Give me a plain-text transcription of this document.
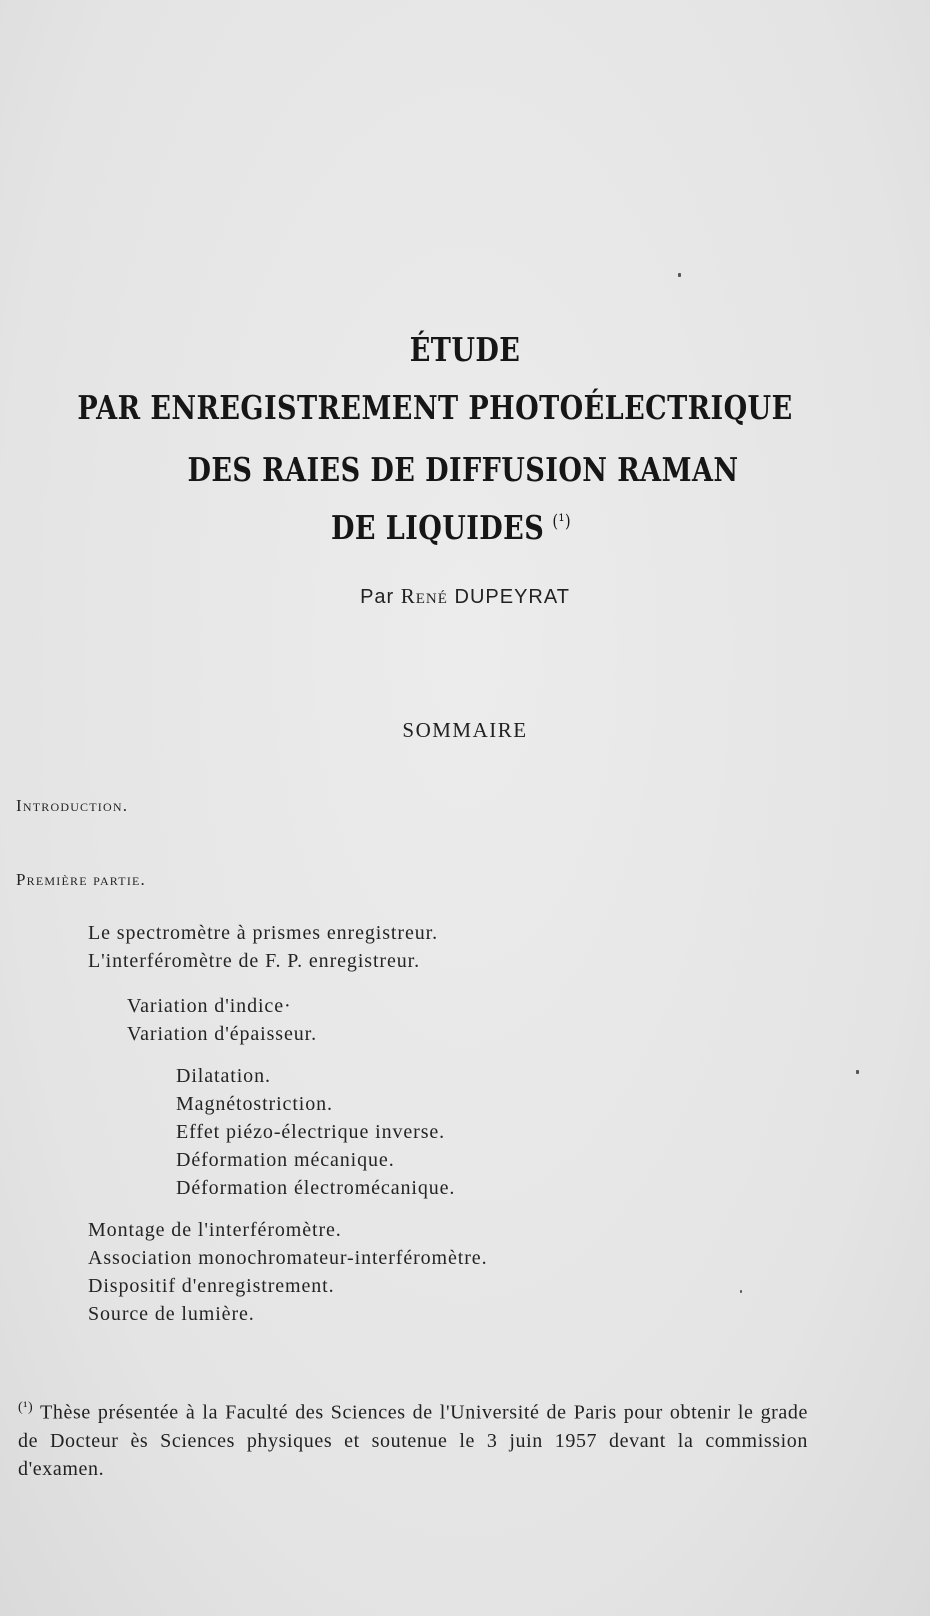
ÉTUDE
PAR ENREGISTREMENT PHOTOÉLECTRIQUE
DES RAIES DE DIFFUSION RAMAN
DE LIQUIDES $^{(^1)}$
Par René DUPEYRAT
SOMMAIRE
Introduction.
Première partie.
Le spectromètre à prismes enregistreur.
L'interféromètre de F. P. enregistreur.
Variation d'indice·
Variation d'épaisseur.
Dilatation.
Magnétostriction.
Effet piézo-électrique inverse.
Déformation mécanique.
Déformation électromécanique.
Montage de l'interféromètre.
Association monochromateur-interféromètre.
Dispositif d'enregistrement.
Source de lumière.
$^{(^1)}$ Thèse présentée à la Faculté des Sciences de l'Université de Paris pour obtenir le grade de Docteur ès Sciences physiques et soutenue le 3 juin 1957 devant la commission d'examen.
